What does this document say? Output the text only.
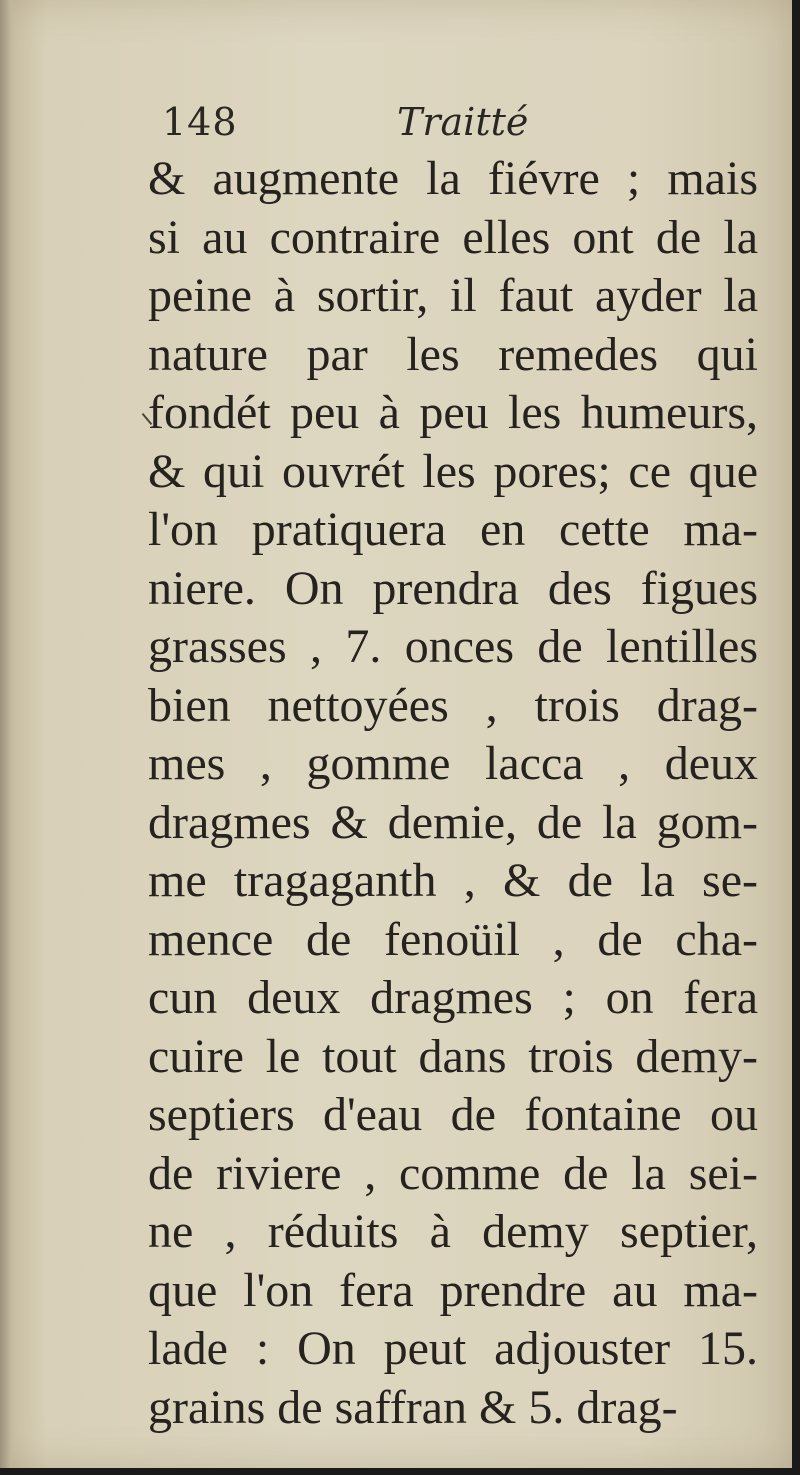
148	Traitté
& augmente la fiévre ; mais
si au contraire elles ont de la
peine à sortir, il faut ayder la
nature par les remedes qui
fondét peu à peu les humeurs,
& qui ouvrét les pores; ce que
l'on pratiquera en cette ma-
niere. On prendra des figues
grasses , 7. onces de lentilles
bien nettoyées , trois drag-
mes , gomme lacca , deux
dragmes & demie, de la gom-
me tragaganth , & de la se-
mence de fenoüil , de cha-
cun deux dragmes ; on fera
cuire le tout dans trois demy-
septiers d'eau de fontaine ou
de riviere , comme de la sei-
ne , réduits à demy septier,
que l'on fera prendre au ma-
lade : On peut adjouster 15.
grains de saffran & 5. drag-
